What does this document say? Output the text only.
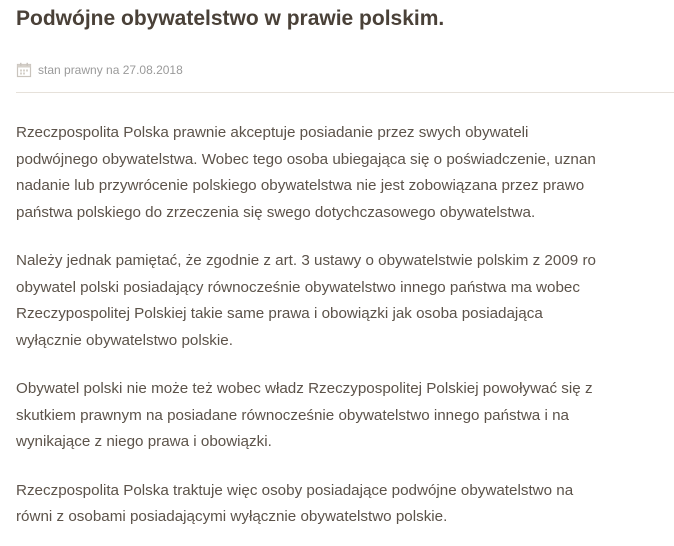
Podwójne obywatelstwo w prawie polskim.
stan prawny na 27.08.2018

Rzeczpospolita Polska prawnie akceptuje posiadanie przez swych obywateli
podwójnego obywatelstwa. Wobec tego osoba ubiegająca się o poświadczenie, uznan
nadanie lub przywrócenie polskiego obywatelstwa nie jest zobowiązana przez prawo
państwa polskiego do zrzeczenia się swego dotychczasowego obywatelstwa.

Należy jednak pamiętać, że zgodnie z art. 3 ustawy o obywatelstwie polskim z 2009 ro
obywatel polski posiadający równocześnie obywatelstwo innego państwa ma wobec
Rzeczypospolitej Polskiej takie same prawa i obowiązki jak osoba posiadająca
wyłącznie obywatelstwo polskie.

Obywatel polski nie może też wobec władz Rzeczypospolitej Polskiej powoływać się z
skutkiem prawnym na posiadane równocześnie obywatelstwo innego państwa i na
wynikające z niego prawa i obowiązki.

Rzeczpospolita Polska traktuje więc osoby posiadające podwójne obywatelstwo na
równi z osobami posiadającymi wyłącznie obywatelstwo polskie.
